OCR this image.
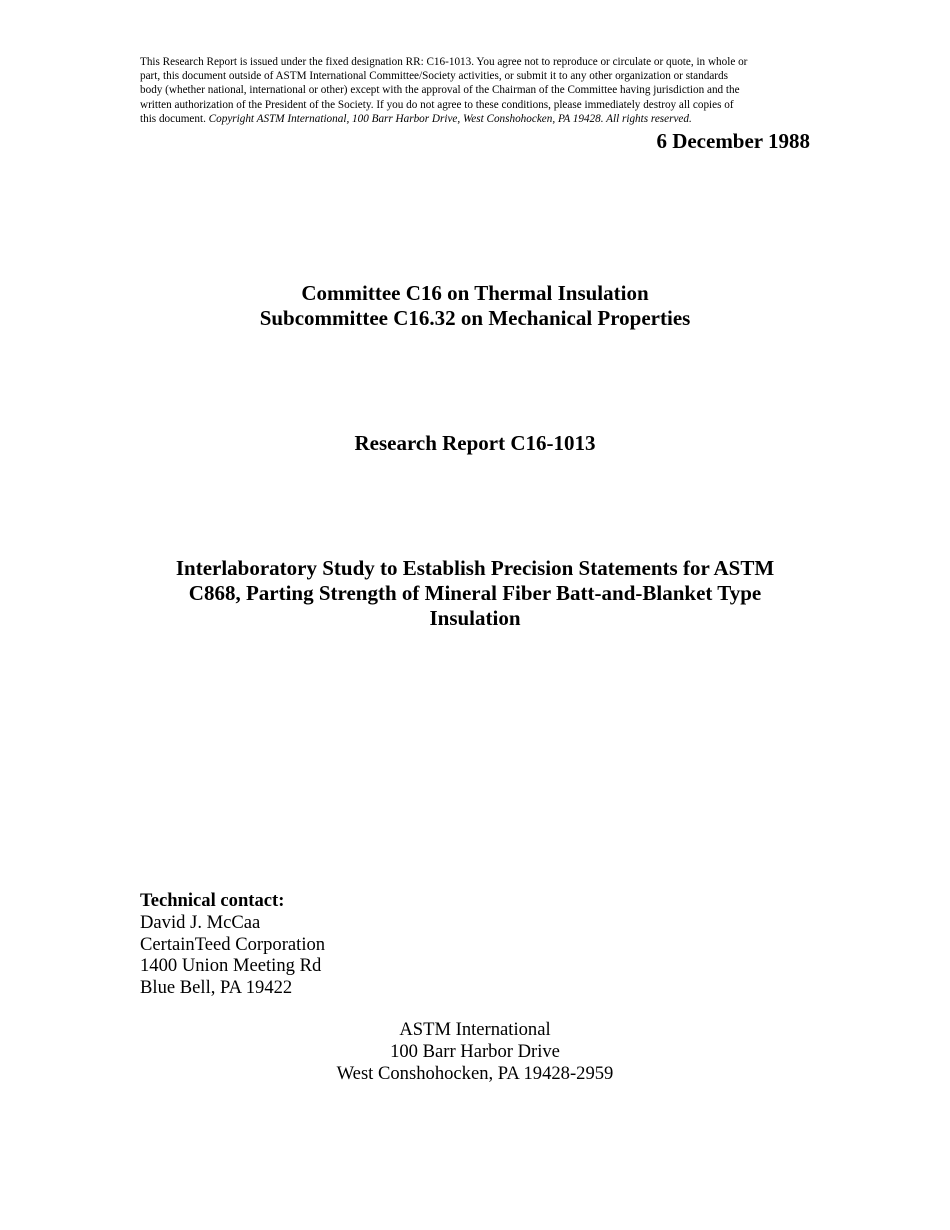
This Research Report is issued under the fixed designation RR: C16-1013. You agree not to reproduce or circulate or quote, in whole or
part, this document outside of ASTM International Committee/Society activities, or submit it to any other organization or standards
body (whether national, international or other) except with the approval of the Chairman of the Committee having jurisdiction and the
written authorization of the President of the Society. If you do not agree to these conditions, please immediately destroy all copies of
this document. Copyright ASTM International, 100 Barr Harbor Drive, West Conshohocken, PA 19428. All rights reserved.
6 December 1988
Committee C16 on Thermal Insulation
Subcommittee C16.32 on Mechanical Properties
Research Report C16-1013
Interlaboratory Study to Establish Precision Statements for ASTM
C868, Parting Strength of Mineral Fiber Batt-and-Blanket Type
Insulation
Technical contact:
David J. McCaa
CertainTeed Corporation
1400 Union Meeting Rd
Blue Bell, PA 19422
ASTM International
100 Barr Harbor Drive
West Conshohocken, PA 19428-2959
